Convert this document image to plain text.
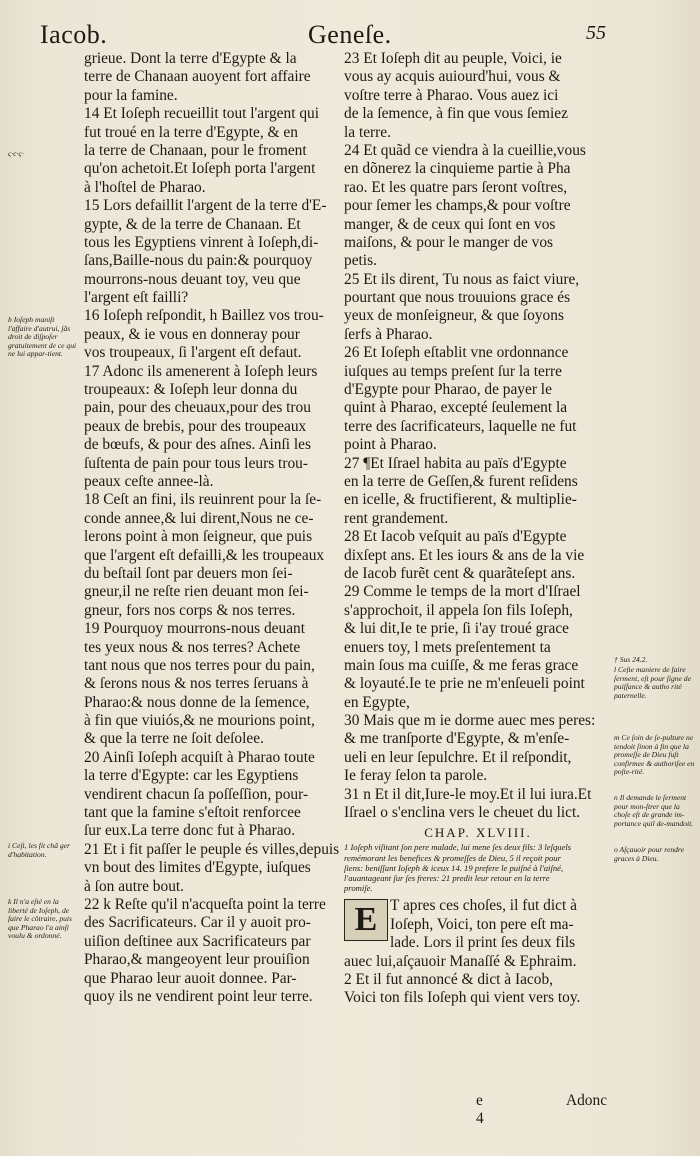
Iacob.	Geneſe.	55
ϛ·ϲ·ϛ·
h Ioſeph maniſt l'affaire d'autrui, ſâs droit de diſpoſer gratuitement de ce qui ne lui appar-tient.
i Ceſt, les fit chã ger d'habitation.
k Il n'a eſté en la liberté de Ioſeph, de faire le côtraire, puis que Pharao l'a ainſi voulu & ordonné.
† Sus 24.2.
l Ceſte maniere de faire ſerment, eſt pour ſigne de puiſſance & autho rité paternelle.
m Ce ſoin de ſe-pulture ne tendoit ſinon à fin que la promeſſe de Dieu fuſt confirmee & authoriſee en poſte-rité.
n Il demande le ſerment pour mon-ſtrer que la choſe eſt de grande im-portance quil de-mandoit.
o Aſçauoir pour rendre graces à Dieu.
grieue. Dont la terre d'Egypte & la
terre de Chanaan auoyent fort affaire
pour la famine.
14 Et Ioſeph recueillit tout l'argent qui
fut troué en la terre d'Egypte, & en
la terre de Chanaan, pour le froment
qu'on achetoit.Et Ioſeph porta l'argent
à l'hoſtel de Pharao.
15 Lors defaillit l'argent de la terre d'E-
gypte, & de la terre de Chanaan. Et
tous les Egyptiens vinrent à Ioſeph,di-
ſans,Baille-nous du pain:& pourquoy
mourrons-nous deuant toy, veu que
l'argent eſt failli?
16 Ioſeph reſpondit, h Baillez vos trou-
peaux, & ie vous en donneray pour
vos troupeaux, ſi l'argent eſt defaut.
17 Adonc ils amenerent à Ioſeph leurs
troupeaux: & Ioſeph leur donna du
pain, pour des cheuaux,pour des trou
peaux de brebis, pour des troupeaux
de bœufs, & pour des aſnes. Ainſi les
ſuſtenta de pain pour tous leurs trou-
peaux ceſte annee-là.
18 Ceſt an fini, ils reuinrent pour la ſe-
conde annee,& lui dirent,Nous ne ce-
lerons point à mon ſeigneur, que puis
que l'argent eſt defailli,& les troupeaux
du beſtail ſont par deuers mon ſei-
gneur,il ne reſte rien deuant mon ſei-
gneur, fors nos corps & nos terres.
19 Pourquoy mourrons-nous deuant
tes yeux nous & nos terres? Achete
tant nous que nos terres pour du pain,
& ſerons nous & nos terres ſeruans à
Pharao:& nous donne de la ſemence,
à fin que viuiós,& ne mourions point,
& que la terre ne ſoit deſolee.
20 Ainſi Ioſeph acquiſt à Pharao toute
la terre d'Egypte: car les Egyptiens
vendirent chacun ſa poſſeſſion, pour-
tant que la famine s'eſtoit renforcee
ſur eux.La terre donc fut à Pharao.
21 Et i fit paſſer le peuple és villes,depuis
vn bout des limites d'Egypte, iuſques
à ſon autre bout.
22 k Reſte qu'il n'acqueſta point la terre
des Sacrificateurs. Car il y auoit pro-
uiſion deſtinee aux Sacrificateurs par
Pharao,& mangeoyent leur prouiſion
que Pharao leur auoit donnee. Par-
quoy ils ne vendirent point leur terre.
23 Et Ioſeph dit au peuple, Voici, ie
vous ay acquis auiourd'hui, vous &
voſtre terre à Pharao. Vous auez ici
de la ſemence, à fin que vous ſemiez
la terre.
24 Et quãd ce viendra à la cueillie,vous
en dõnerez la cinquieme partie à Pha
rao. Et les quatre pars ſeront voſtres,
pour ſemer les champs,& pour voſtre
manger, & de ceux qui ſont en vos
maiſons, & pour le manger de vos
petis.
25 Et ils dirent, Tu nous as faict viure,
pourtant que nous trouuions grace és
yeux de monſeigneur, & que ſoyons
ſerfs à Pharao.
26 Et Ioſeph eſtablit vne ordonnance
iuſques au temps preſent ſur la terre
d'Egypte pour Pharao, de payer le
quint à Pharao, excepté ſeulement la
terre des ſacrificateurs, laquelle ne fut
point à Pharao.
27 ¶Et Iſrael habita au païs d'Egypte
en la terre de Geſſen,& furent reſidens
en icelle, & fructifierent, & multiplie-
rent grandement.
28 Et Iacob veſquit au païs d'Egypte
dixſept ans. Et les iours & ans de la vie
de Iacob furẽt cent & quarãteſept ans.
29 Comme le temps de la mort d'Iſrael
s'approchoit, il appela ſon fils Ioſeph,
& lui dit,Ie te prie, ſi i'ay troué grace
enuers toy, l mets preſentement ta
main ſous ma cuiſſe, & me feras grace
& loyauté.Ie te prie ne m'enſeueli point
en Egypte,
30 Mais que m ie dorme auec mes peres:
& me tranſporte d'Egypte, & m'enſe-
ueli en leur ſepulchre. Et il reſpondit,
Ie feray ſelon ta parole.
31 n Et il dit,Iure-le moy.Et il lui iura.Et
Iſrael o s'enclina vers le cheuet du lict.
CHAP. XLVIII.
1 Ioſeph viſitant ſon pere malade, lui mene ſes deux fils: 3 leſquels
remémorant les benefices & promeſſes de Dieu, 5 il reçoit pour
ſiens: beniſſant Ioſeph & iceux 14. 19 prefere le puiſné à l'aiſné,
l'auantageant ſur ſes freres: 21 predit leur retour en la terre
promiſe.
E T apres ces choſes, il fut dict à
Ioſeph, Voici, ton pere eſt ma-
lade. Lors il print ſes deux fils
auec lui,aſçauoir Manaſſé & Ephraim.
2 Et il fut annoncé & dict à Iacob,
Voici ton fils Ioſeph qui vient vers toy.
e 4
Adonc
